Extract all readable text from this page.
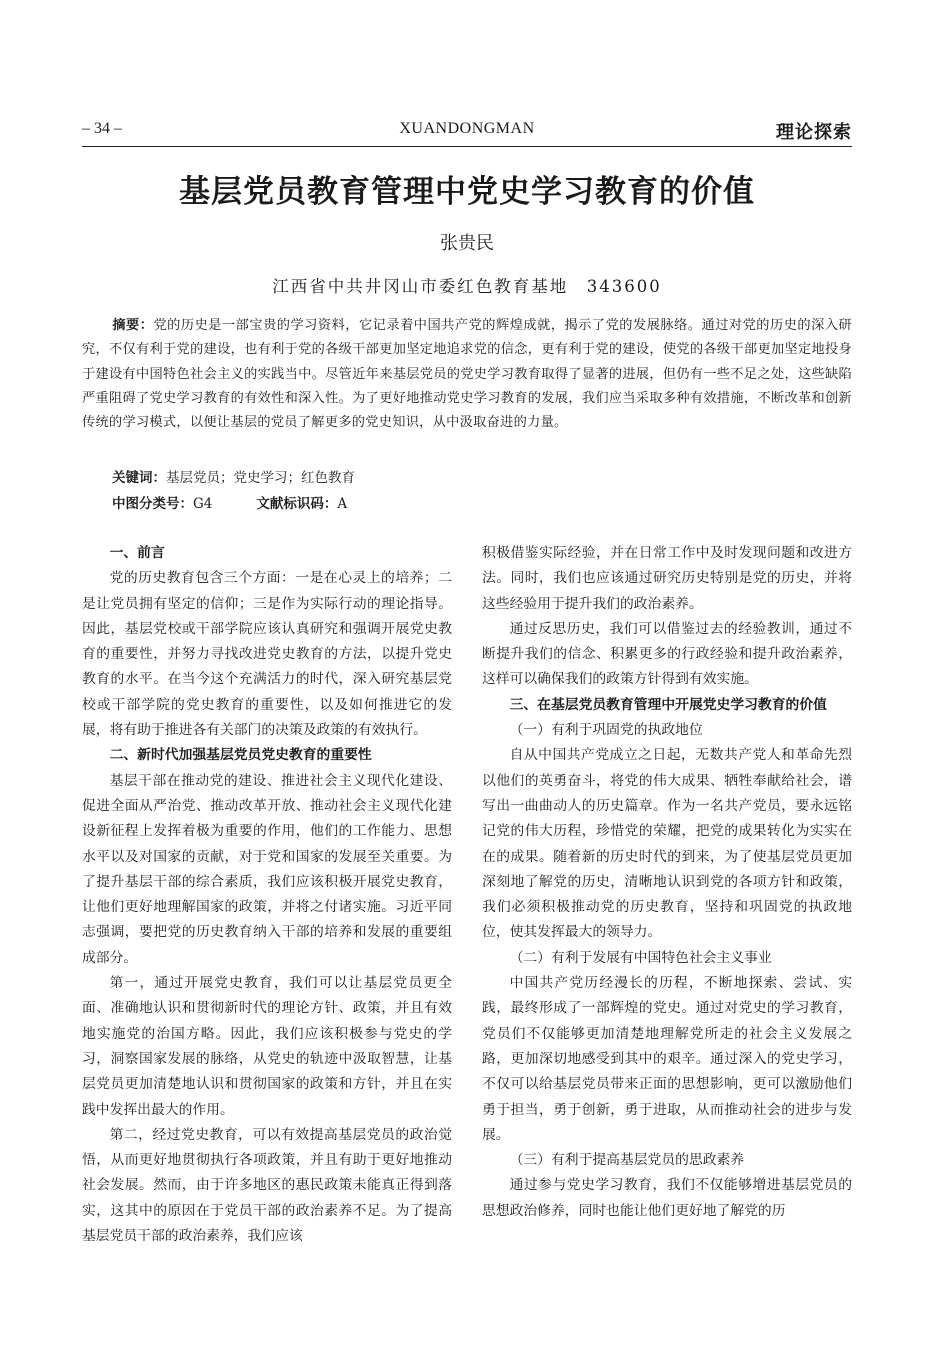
– 34 –	XUANDONGMAN	理论探索
基层党员教育管理中党史学习教育的价值
张贵民
江西省中共井冈山市委红色教育基地　343600
摘要：党的历史是一部宝贵的学习资料，它记录着中国共产党的辉煌成就，揭示了党的发展脉络。通过对党的历史的深入研究，不仅有利于党的建设，也有利于党的各级干部更加坚定地追求党的信念，更有利于党的建设，使党的各级干部更加坚定地投身于建设有中国特色社会主义的实践当中。尽管近年来基层党员的党史学习教育取得了显著的进展，但仍有一些不足之处，这些缺陷严重阻碍了党史学习教育的有效性和深入性。为了更好地推动党史学习教育的发展，我们应当采取多种有效措施，不断改革和创新传统的学习模式，以便让基层的党员了解更多的党史知识，从中汲取奋进的力量。
关键词：基层党员；党史学习；红色教育
中图分类号：G4	文献标识码：A
一、前言

党的历史教育包含三个方面：一是在心灵上的培养；二是让党员拥有坚定的信仰；三是作为实际行动的理论指导。因此，基层党校或干部学院应该认真研究和强调开展党史教育的重要性，并努力寻找改进党史教育的方法，以提升党史教育的水平。在当今这个充满活力的时代，深入研究基层党校或干部学院的党史教育的重要性，以及如何推进它的发展，将有助于推进各有关部门的决策及政策的有效执行。

二、新时代加强基层党员党史教育的重要性

基层干部在推动党的建设、推进社会主义现代化建设、促进全面从严治党、推动改革开放、推动社会主义现代化建设新征程上发挥着极为重要的作用，他们的工作能力、思想水平以及对国家的贡献，对于党和国家的发展至关重要。为了提升基层干部的综合素质，我们应该积极开展党史教育，让他们更好地理解国家的政策，并将之付诸实施。习近平同志强调，要把党的历史教育纳入干部的培养和发展的重要组成部分。

第一，通过开展党史教育，我们可以让基层党员更全面、准确地认识和贯彻新时代的理论方针、政策，并且有效地实施党的治国方略。因此，我们应该积极参与党史的学习，洞察国家发展的脉络，从党史的轨迹中汲取智慧，让基层党员更加清楚地认识和贯彻国家的政策和方针，并且在实践中发挥出最大的作用。

第二，经过党史教育，可以有效提高基层党员的政治觉悟，从而更好地贯彻执行各项政策，并且有助于更好地推动社会发展。然而，由于许多地区的惠民政策未能真正得到落实，这其中的原因在于党员干部的政治素养不足。为了提高基层党员干部的政治素养，我们应该

积极借鉴实际经验，并在日常工作中及时发现问题和改进方法。同时，我们也应该通过研究历史特别是党的历史，并将这些经验用于提升我们的政治素养。

通过反思历史，我们可以借鉴过去的经验教训，通过不断提升我们的信念、积累更多的行政经验和提升政治素养，这样可以确保我们的政策方针得到有效实施。

三、在基层党员教育管理中开展党史学习教育的价值
（一）有利于巩固党的执政地位

自从中国共产党成立之日起，无数共产党人和革命先烈以他们的英勇奋斗，将党的伟大成果、牺牲奉献给社会，谱写出一曲曲动人的历史篇章。作为一名共产党员，要永远铭记党的伟大历程，珍惜党的荣耀，把党的成果转化为实实在在的成果。随着新的历史时代的到来，为了使基层党员更加深刻地了解党的历史，清晰地认识到党的各项方针和政策，我们必须积极推动党的历史教育，坚持和巩固党的执政地位，使其发挥最大的领导力。

（二）有利于发展有中国特色社会主义事业

中国共产党历经漫长的历程，不断地探索、尝试、实践，最终形成了一部辉煌的党史。通过对党史的学习教育，党员们不仅能够更加清楚地理解党所走的社会主义发展之路，更加深切地感受到其中的艰辛。通过深入的党史学习，不仅可以给基层党员带来正面的思想影响，更可以激励他们勇于担当，勇于创新，勇于进取，从而推动社会的进步与发展。

（三）有利于提高基层党员的思政素养

通过参与党史学习教育，我们不仅能够增进基层党员的思想政治修养，同时也能让他们更好地了解党的历
